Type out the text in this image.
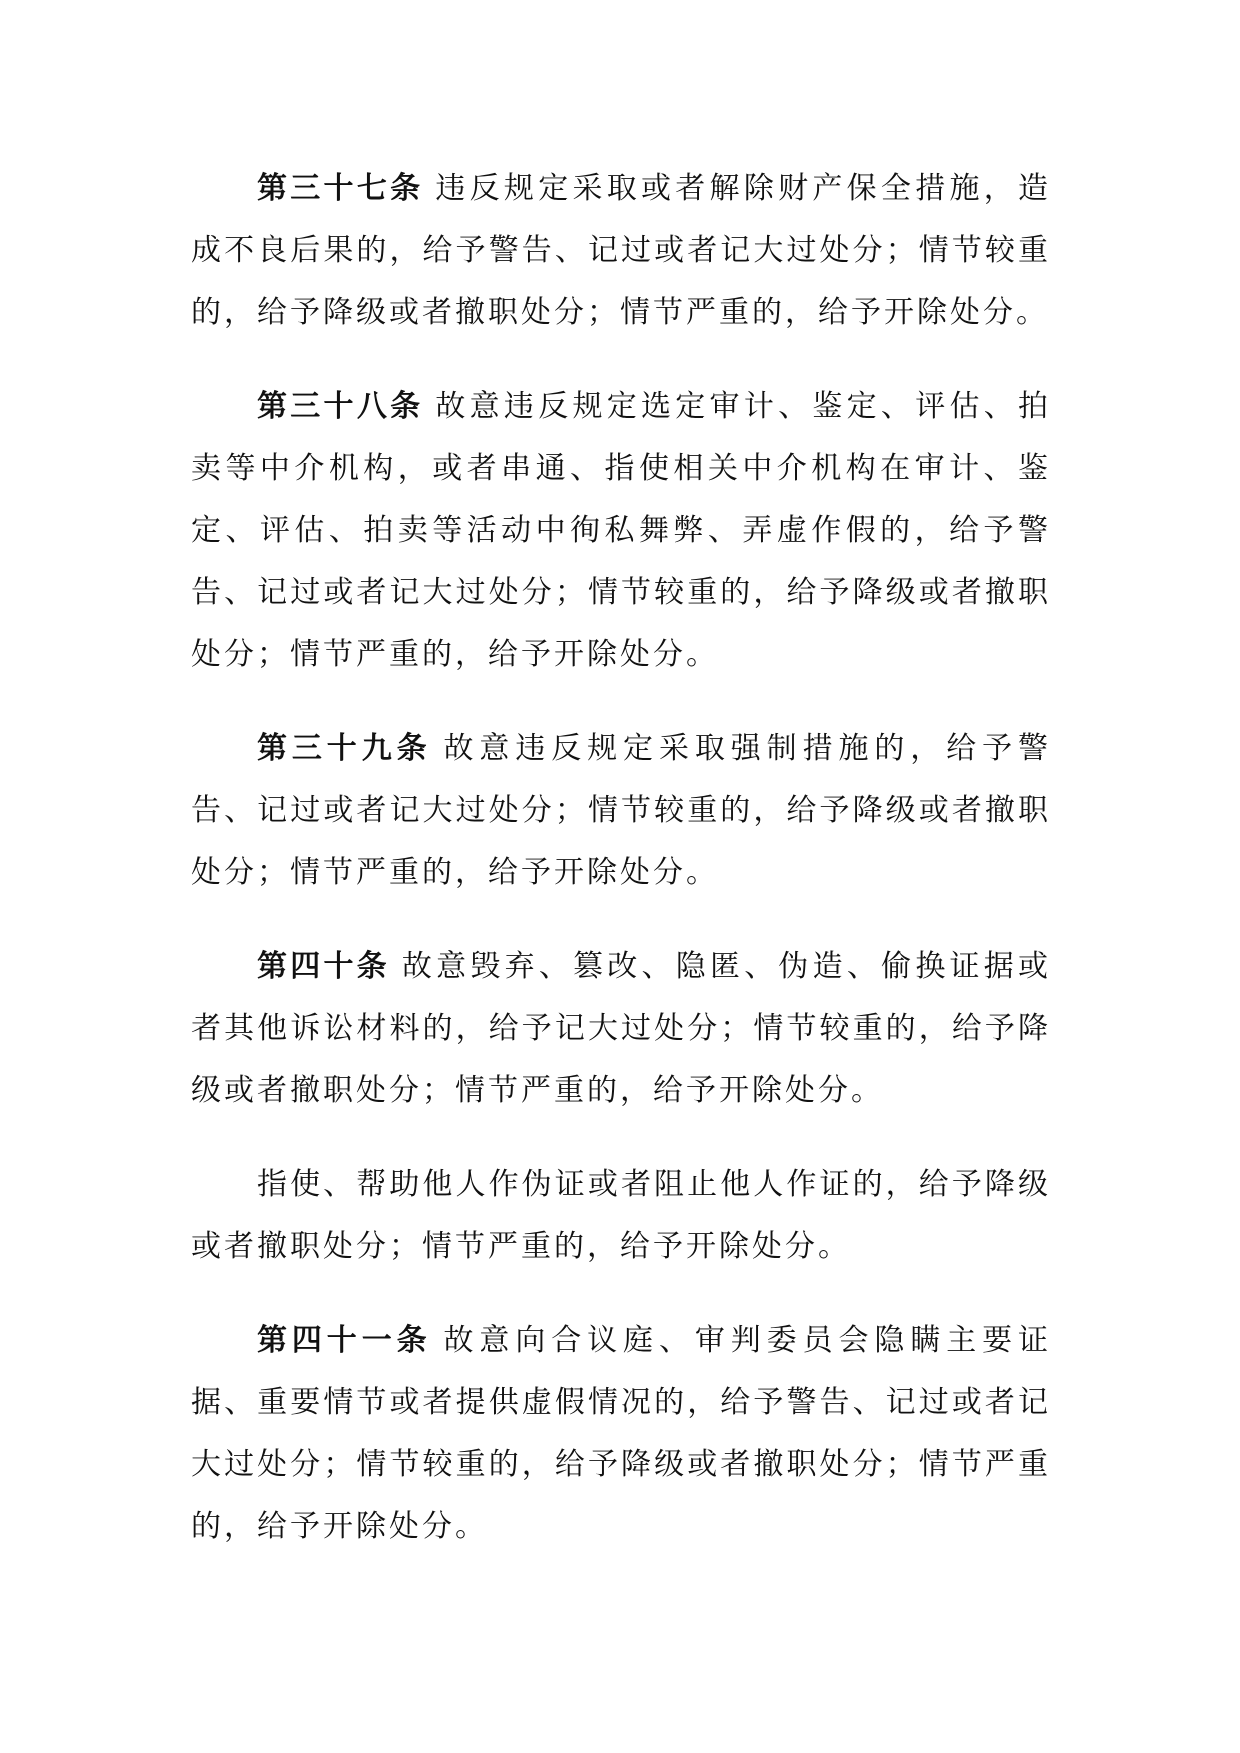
第三十七条 违反规定采取或者解除财产保全措施，造成不良后果的，给予警告、记过或者记大过处分；情节较重的，给予降级或者撤职处分；情节严重的，给予开除处分。

第三十八条 故意违反规定选定审计、鉴定、评估、拍卖等中介机构，或者串通、指使相关中介机构在审计、鉴定、评估、拍卖等活动中徇私舞弊、弄虚作假的，给予警告、记过或者记大过处分；情节较重的，给予降级或者撤职处分；情节严重的，给予开除处分。

第三十九条 故意违反规定采取强制措施的，给予警告、记过或者记大过处分；情节较重的，给予降级或者撤职处分；情节严重的，给予开除处分。

第四十条 故意毁弃、篡改、隐匿、伪造、偷换证据或者其他诉讼材料的，给予记大过处分；情节较重的，给予降级或者撤职处分；情节严重的，给予开除处分。

指使、帮助他人作伪证或者阻止他人作证的，给予降级或者撤职处分；情节严重的，给予开除处分。

第四十一条 故意向合议庭、审判委员会隐瞒主要证据、重要情节或者提供虚假情况的，给予警告、记过或者记大过处分；情节较重的，给予降级或者撤职处分；情节严重的，给予开除处分。
